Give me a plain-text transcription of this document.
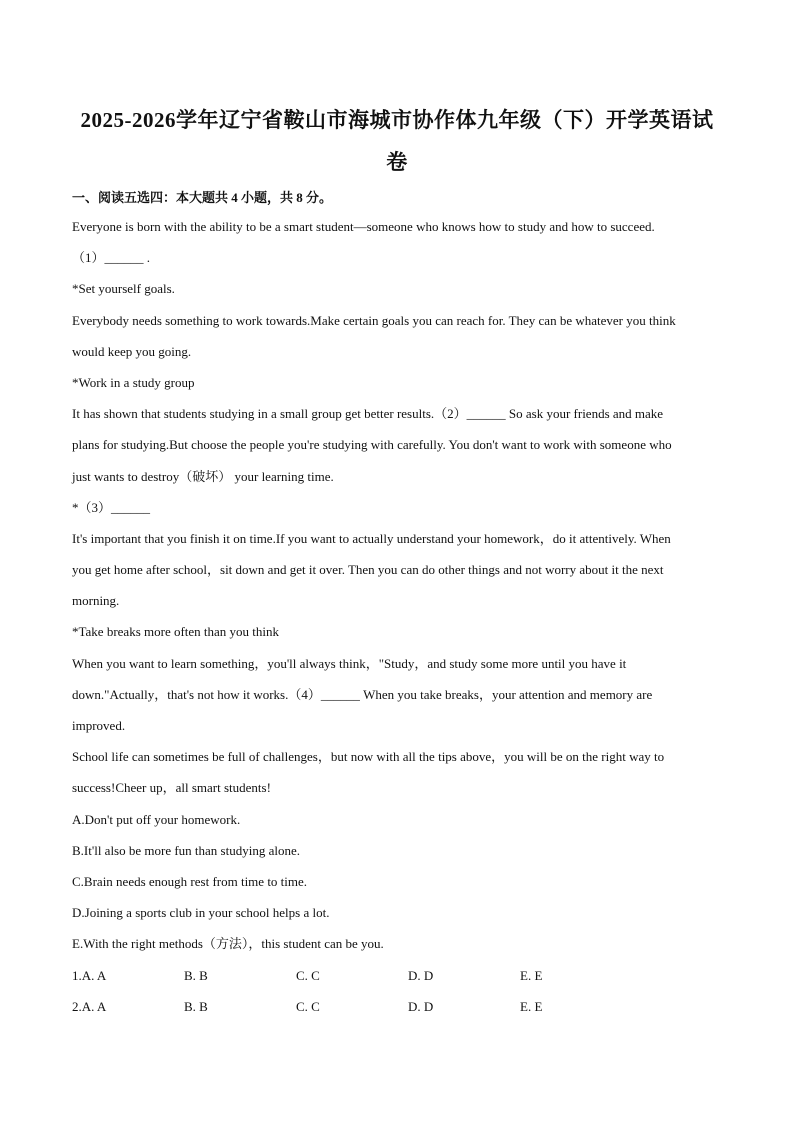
2025-2026学年辽宁省鞍山市海城市协作体九年级（下）开学英语试
卷
一、阅读五选四：本大题共 4 小题，共 8 分。
Everyone is born with the ability to be a smart student—someone who knows how to study and how to succeed.
（1）______ .
*Set yourself goals.
Everybody needs something to work towards.Make certain goals you can reach for. They can be whatever you think
would keep you going.
*Work in a study group
It has shown that students studying in a small group get better results.（2）______ So ask your friends and make
plans for studying.But choose the people you're studying with carefully. You don't want to work with someone who
just wants to destroy（破坏） your learning time.
*（3）______
It's important that you finish it on time.If you want to actually understand your homework，do it attentively. When
you get home after school，sit down and get it over. Then you can do other things and not worry about it the next
morning.
*Take breaks more often than you think
When you want to learn something，you'll always think，"Study，and study some more until you have it
down."Actually，that's not how it works.（4）______ When you take breaks，your attention and memory are
improved.
School life can sometimes be full of challenges，but now with all the tips above，you will be on the right way to
success!Cheer up，all smart students!
A.Don't put off your homework.
B.It'll also be more fun than studying alone.
C.Brain needs enough rest from time to time.
D.Joining a sports club in your school helps a lot.
E.With the right methods（方法），this student can be you.
1.A. A	B. B	C. C	D. D	E. E
2.A. A	B. B	C. C	D. D	E. E
